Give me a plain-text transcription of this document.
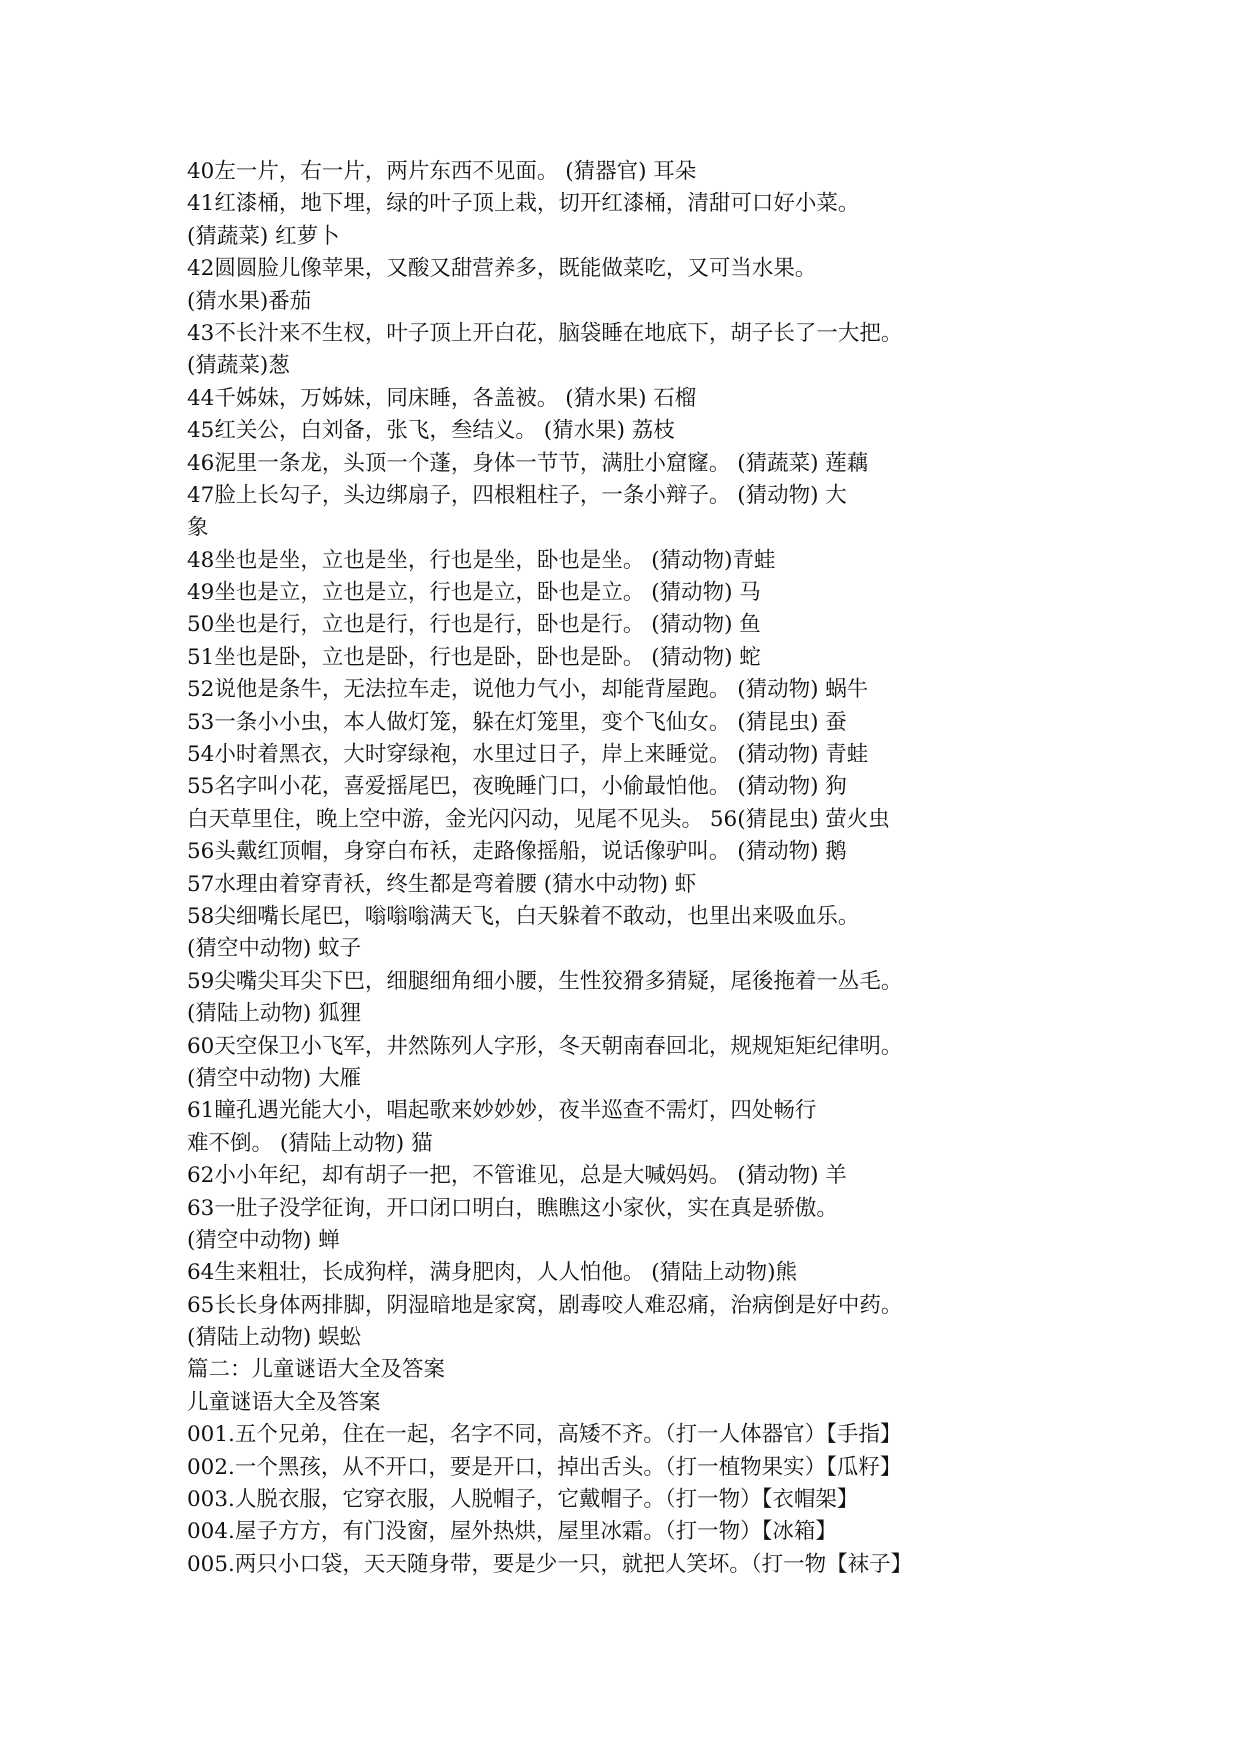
40左一片，右一片，两片东西不见面。 (猜器官) 耳朵
41红漆桶，地下埋，绿的叶子顶上栽，切开红漆桶，清甜可口好小菜。
(猜蔬菜) 红萝卜
42圆圆脸儿像苹果，又酸又甜营养多，既能做菜吃，又可当水果。
(猜水果)番茄
43不长汁来不生杈，叶子顶上开白花，脑袋睡在地底下，胡子长了一大把。
(猜蔬菜)葱
44千姊妹，万姊妹，同床睡，各盖被。 (猜水果) 石榴
45红关公，白刘备，张飞，叁结义。 (猜水果) 荔枝
46泥里一条龙，头顶一个蓬，身体一节节，满肚小窟窿。 (猜蔬菜) 莲藕
47脸上长勾子，头边绑扇子，四根粗柱子，一条小辩子。 (猜动物) 大
象
48坐也是坐，立也是坐，行也是坐，卧也是坐。 (猜动物)青蛙
49坐也是立，立也是立，行也是立，卧也是立。 (猜动物) 马
50坐也是行，立也是行，行也是行，卧也是行。 (猜动物) 鱼
51坐也是卧，立也是卧，行也是卧，卧也是卧。 (猜动物) 蛇
52说他是条牛，无法拉车走，说他力气小，却能背屋跑。 (猜动物) 蜗牛
53一条小小虫，本人做灯笼，躲在灯笼里，变个飞仙女。 (猜昆虫) 蚕
54小时着黑衣，大时穿绿袍，水里过日子，岸上来睡觉。 (猜动物) 青蛙
55名字叫小花，喜爱摇尾巴，夜晚睡门口，小偷最怕他。 (猜动物) 狗
白天草里住，晚上空中游，金光闪闪动，见尾不见头。 56(猜昆虫) 萤火虫
56头戴红顶帽，身穿白布袄，走路像摇船，说话像驴叫。 (猜动物) 鹅
57水理由着穿青袄，终生都是弯着腰 (猜水中动物) 虾
58尖细嘴长尾巴，嗡嗡嗡满天飞，白天躲着不敢动，也里出来吸血乐。
(猜空中动物) 蚊子
59尖嘴尖耳尖下巴，细腿细角细小腰，生性狡猾多猜疑，尾後拖着一丛毛。
(猜陆上动物) 狐狸
60天空保卫小飞军，井然陈列人字形，冬天朝南春回北，规规矩矩纪律明。
(猜空中动物) 大雁
61瞳孔遇光能大小，唱起歌来妙妙妙，夜半巡查不需灯，四处畅行
难不倒。 (猜陆上动物) 猫
62小小年纪，却有胡子一把，不管谁见，总是大喊妈妈。 (猜动物) 羊
63一肚子没学征询，开口闭口明白，瞧瞧这小家伙，实在真是骄傲。
(猜空中动物) 蝉
64生来粗壮，长成狗样，满身肥肉，人人怕他。 (猜陆上动物)熊
65长长身体两排脚，阴湿暗地是家窝，剧毒咬人难忍痛，治病倒是好中药。
(猜陆上动物) 蜈蚣
篇二：儿童谜语大全及答案
儿童谜语大全及答案
001.五个兄弟，住在一起，名字不同，高矮不齐。（打一人体器官）【手指】
002.一个黑孩，从不开口，要是开口，掉出舌头。（打一植物果实）【瓜籽】
003.人脱衣服，它穿衣服，人脱帽子，它戴帽子。（打一物）【衣帽架】
004.屋子方方，有门没窗，屋外热烘，屋里冰霜。（打一物）【冰箱】
005.两只小口袋，天天随身带，要是少一只，就把人笑坏。（打一物【袜子】
